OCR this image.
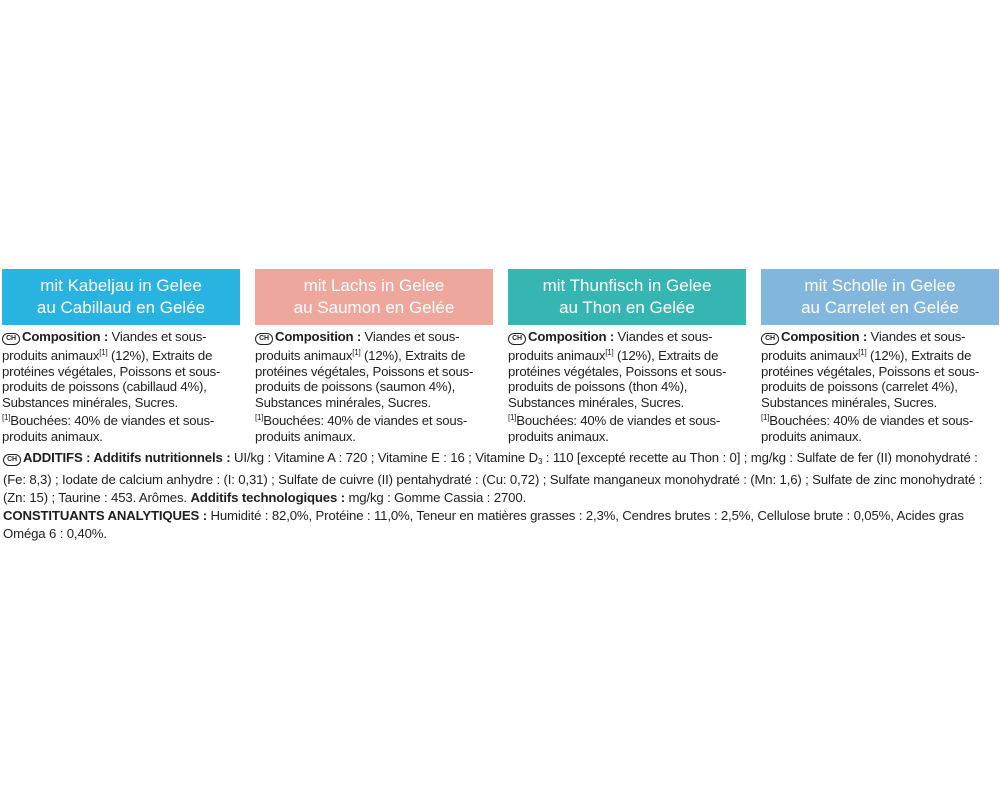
mit Kabeljau in Gelee
au Cabillaud en Gelée
CH Composition : Viandes et sous-produits animaux[1] (12%), Extraits de protéines végétales, Poissons et sous-produits de poissons (cabillaud 4%), Substances minérales, Sucres.
[1]Bouchées: 40% de viandes et sous-produits animaux.
mit Lachs in Gelee
au Saumon en Gelée
CH Composition : Viandes et sous-produits animaux[1] (12%), Extraits de protéines végétales, Poissons et sous-produits de poissons (saumon 4%), Substances minérales, Sucres.
[1]Bouchées: 40% de viandes et sous-produits animaux.
mit Thunfisch in Gelee
au Thon en Gelée
CH Composition : Viandes et sous-produits animaux[1] (12%), Extraits de protéines végétales, Poissons et sous-produits de poissons (thon 4%), Substances minérales, Sucres.
[1]Bouchées: 40% de viandes et sous-produits animaux.
mit Scholle in Gelee
au Carrelet en Gelée
CH Composition : Viandes et sous-produits animaux[1] (12%), Extraits de protéines végétales, Poissons et sous-produits de poissons (carrelet 4%), Substances minérales, Sucres.
[1]Bouchées: 40% de viandes et sous-produits animaux.
CH ADDITIFS : Additifs nutritionnels : UI/kg : Vitamine A : 720 ; Vitamine E : 16 ; Vitamine $D_3$ : 110 [excepté recette au Thon : 0] ; mg/kg : Sulfate de fer (II) monohydraté : (Fe: 8,3) ; Iodate de calcium anhydre : (I: 0,31) ; Sulfate de cuivre (II) pentahydraté : (Cu: 0,72) ; Sulfate manganeux monohydraté : (Mn: 1,6) ; Sulfate de zinc monohydraté : (Zn: 15) ; Taurine : 453. Arômes. Additifs technologiques : mg/kg : Gomme Cassia : 2700.
CONSTITUANTS ANALYTIQUES : Humidité : 82,0%, Protéine : 11,0%, Teneur en matières grasses : 2,3%, Cendres brutes : 2,5%, Cellulose brute : 0,05%, Acides gras Oméga 6 : 0,40%.
